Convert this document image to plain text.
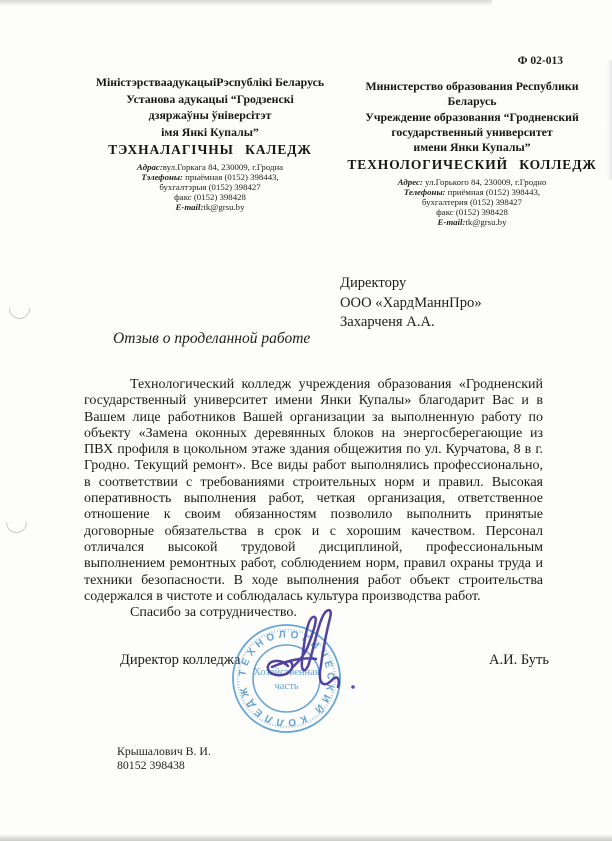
Ф 02-013
МіністэрстваадукацыіРэспублікі Беларусь
Установа адукацыі “Гродзенскі
дзяржаўны ўніверсітэт
імя Янкі Купалы”
ТЭХНАЛАГІЧНЫ КАЛЕДЖ
Адрас:вул.Горкага 84, 230009, г.Гродна
Тэлефоны: прыёмная (0152) 398443,
бухгалтэрыя (0152) 398427
факс (0152) 398428
E-mail:tk@grsu.by
Министерство образования Республики
Беларусь
Учреждение образования “Гродненский
государственный университет
имени Янки Купалы”
ТЕХНОЛОГИЧЕСКИЙ КОЛЛЕДЖ
Адрес: ул.Горького 84, 230009, г.Гродно
Телефоны: приёмная (0152) 398443,
бухгалтерия (0152) 398427
факс (0152) 398428
E-mail:tk@grsu.by
Директору
ООО «ХардМаннПро»
Захарченя А.А.
Отзыв о проделанной работе

Технологический колледж учреждения образования «Гродненский государственный университет имени Янки Купалы» благодарит Вас и в Вашем лице работников Вашей организации за выполненную работу по объекту «Замена оконных деревянных блоков на энергосберегающие из ПВХ профиля в цокольном этаже здания общежития по ул. Курчатова, 8 в г. Гродно. Текущий ремонт». Все виды работ выполнялись профессионально, в соответствии с требованиями строительных норм и правил. Высокая оперативность выполнения работ, четкая организация, ответственное отношение к своим обязанностям позволило выполнить принятые договорные обязательства в срок и с хорошим качеством. Персонал отличался высокой трудовой дисциплиной, профессиональным выполнением ремонтных работ, соблюдением норм, правил охраны труда и техники безопасности. В ходе выполнения работ объект строительства содержался в чистоте и соблюдалась культура производства работ.

Спасибо за сотрудничество.

Директор колледжа	А.И. Буть
ТЕХНОЛОГИЧЕСКИЙ КОЛЛЕДЖ
Хозяйственная
часть
Крышалович В. И.
80152 398438
